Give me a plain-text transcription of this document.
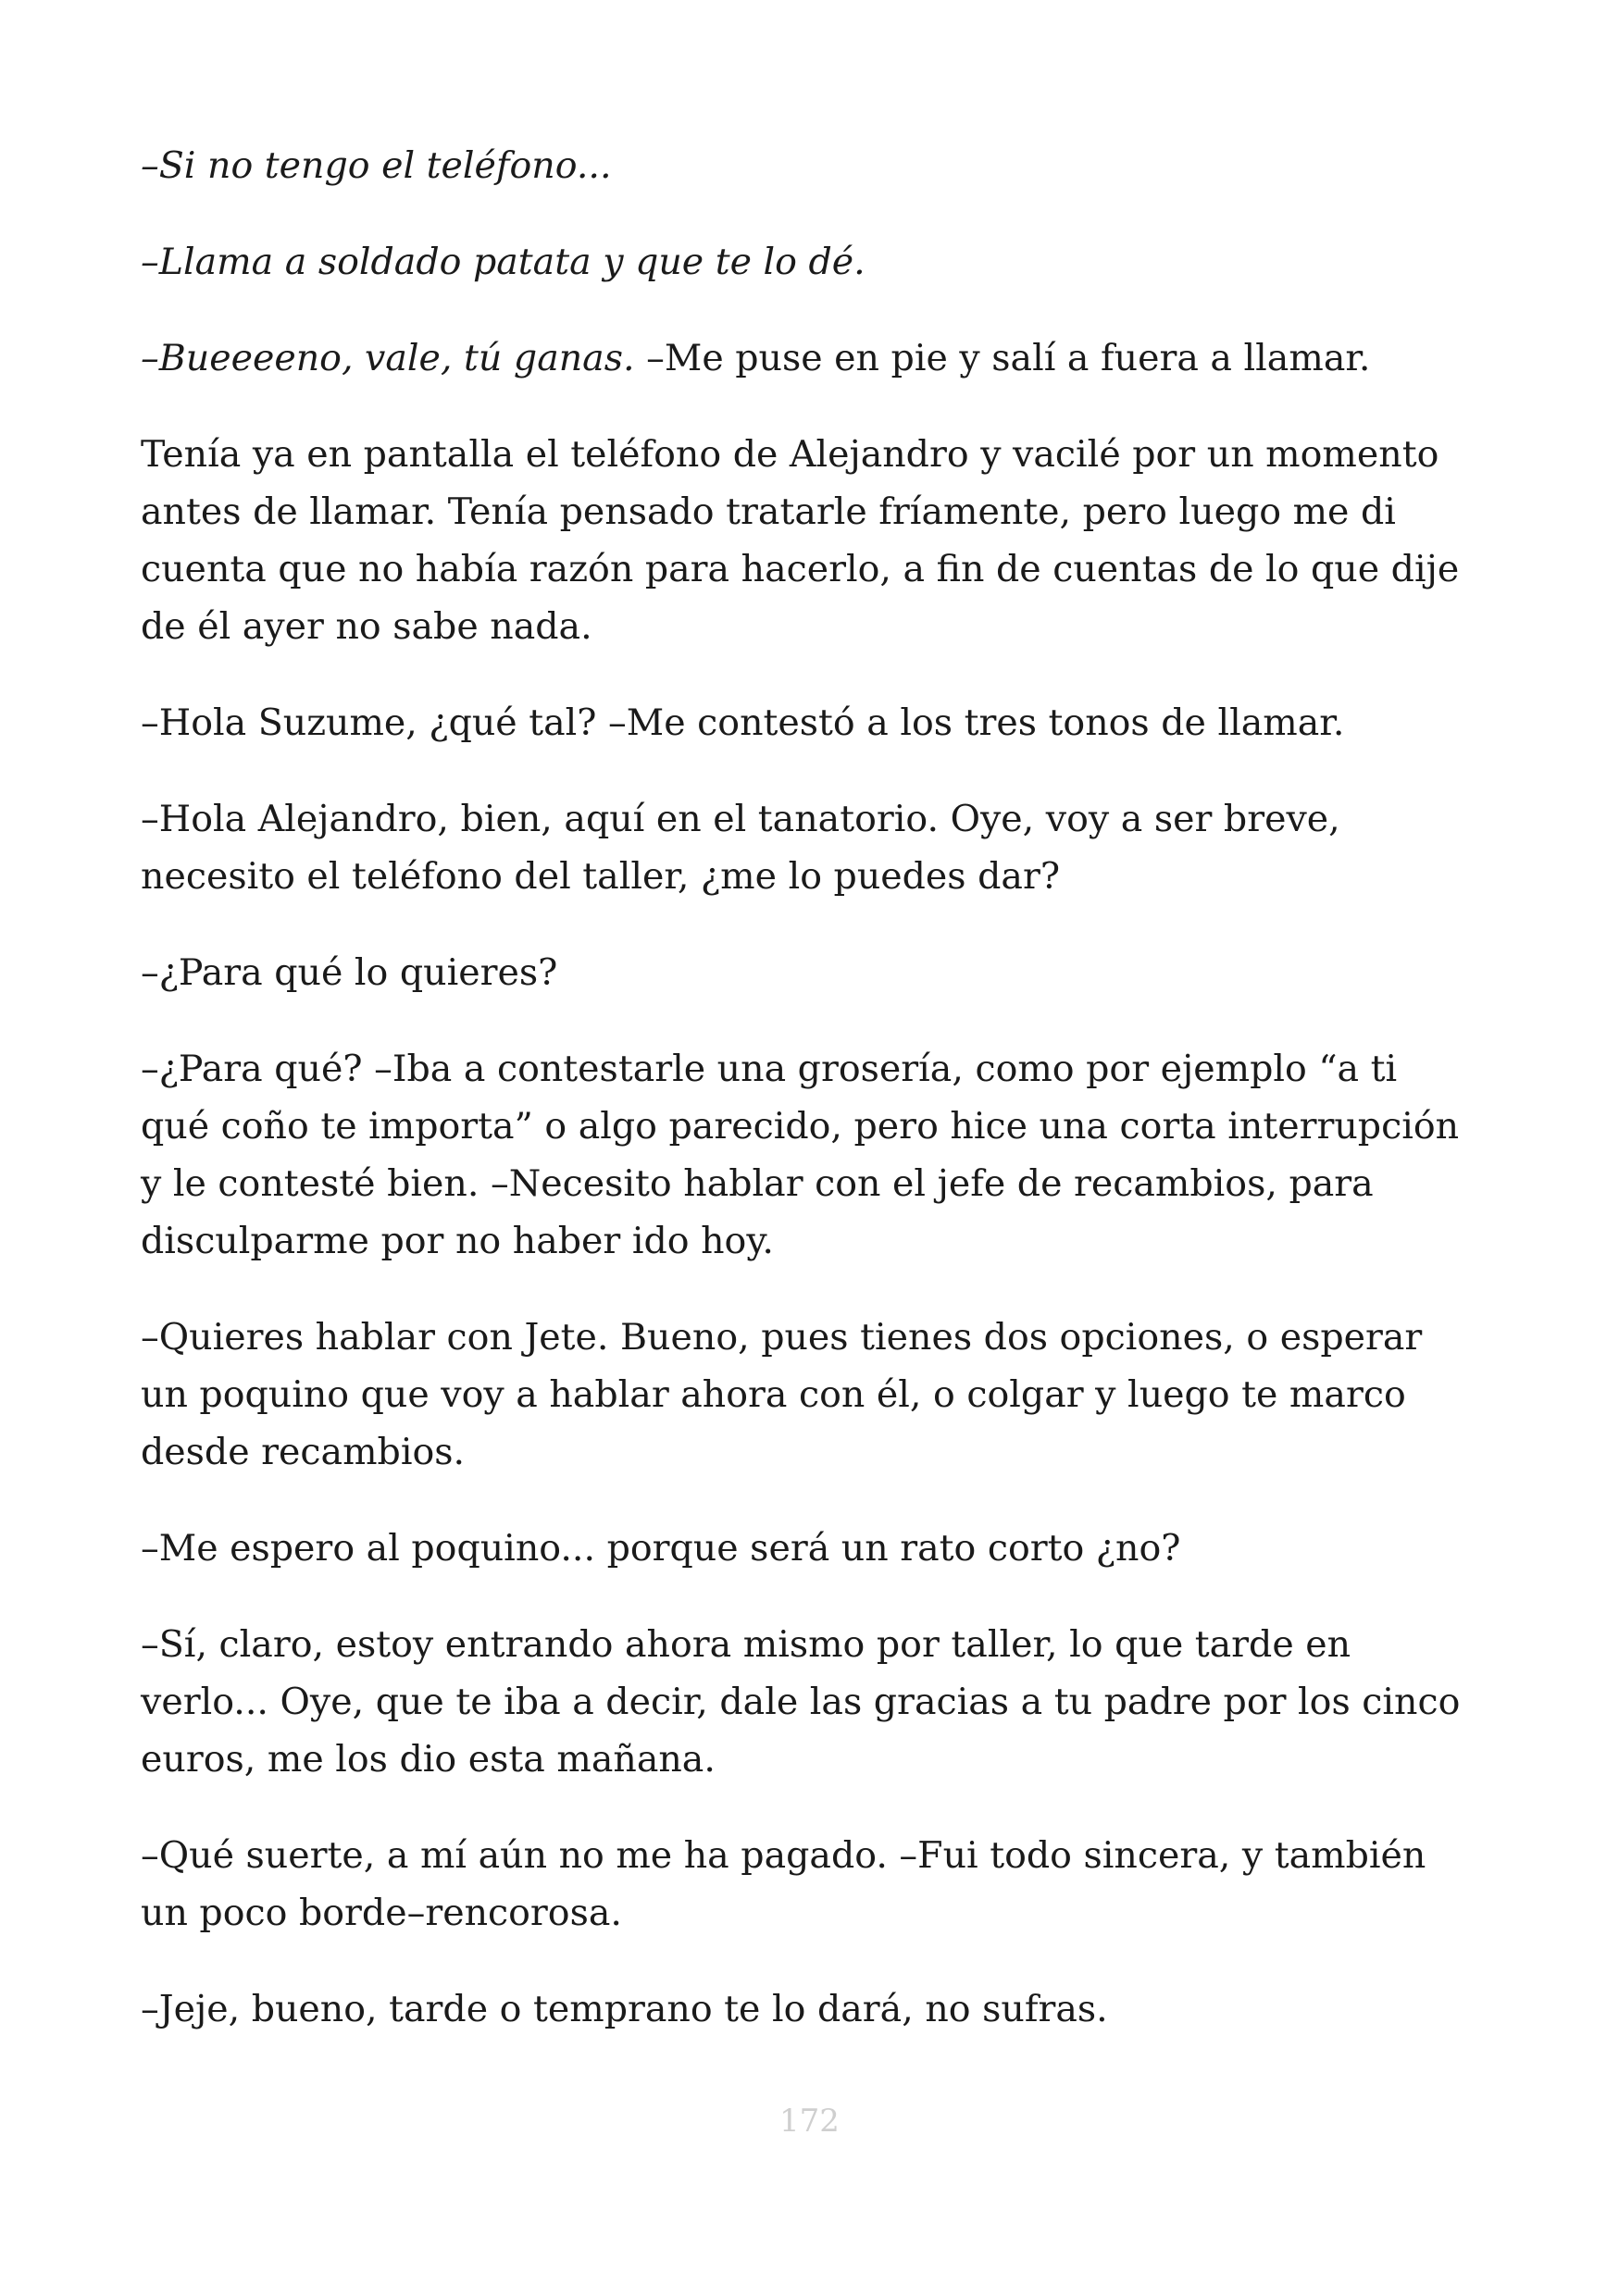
–Si no tengo el teléfono...

–Llama a soldado patata y que te lo dé.

–Bueeeeno, vale, tú ganas. –Me puse en pie y salí a fuera a llamar.

Tenía ya en pantalla el teléfono de Alejandro y vacilé por un momento antes de llamar. Tenía pensado tratarle fríamente, pero luego me di cuenta que no había razón para hacerlo, a fin de cuentas de lo que dije de él ayer no sabe nada.

–Hola Suzume, ¿qué tal? –Me contestó a los tres tonos de llamar.

–Hola Alejandro, bien, aquí en el tanatorio. Oye, voy a ser breve, necesito el teléfono del taller, ¿me lo puedes dar?

–¿Para qué lo quieres?

–¿Para qué? –Iba a contestarle una grosería, como por ejemplo “a ti qué coño te importa” o algo parecido, pero hice una corta interrupción y le contesté bien. –Necesito hablar con el jefe de recambios, para disculparme por no haber ido hoy.

–Quieres hablar con Jete. Bueno, pues tienes dos opciones, o esperar un poquino que voy a hablar ahora con él, o colgar y luego te marco desde recambios.

–Me espero al poquino... porque será un rato corto ¿no?

–Sí, claro, estoy entrando ahora mismo por taller, lo que tarde en verlo... Oye, que te iba a decir, dale las gracias a tu padre por los cinco euros, me los dio esta mañana.

–Qué suerte, a mí aún no me ha pagado. –Fui todo sincera, y también un poco borde–rencorosa.

–Jeje, bueno, tarde o temprano te lo dará, no sufras.

172
